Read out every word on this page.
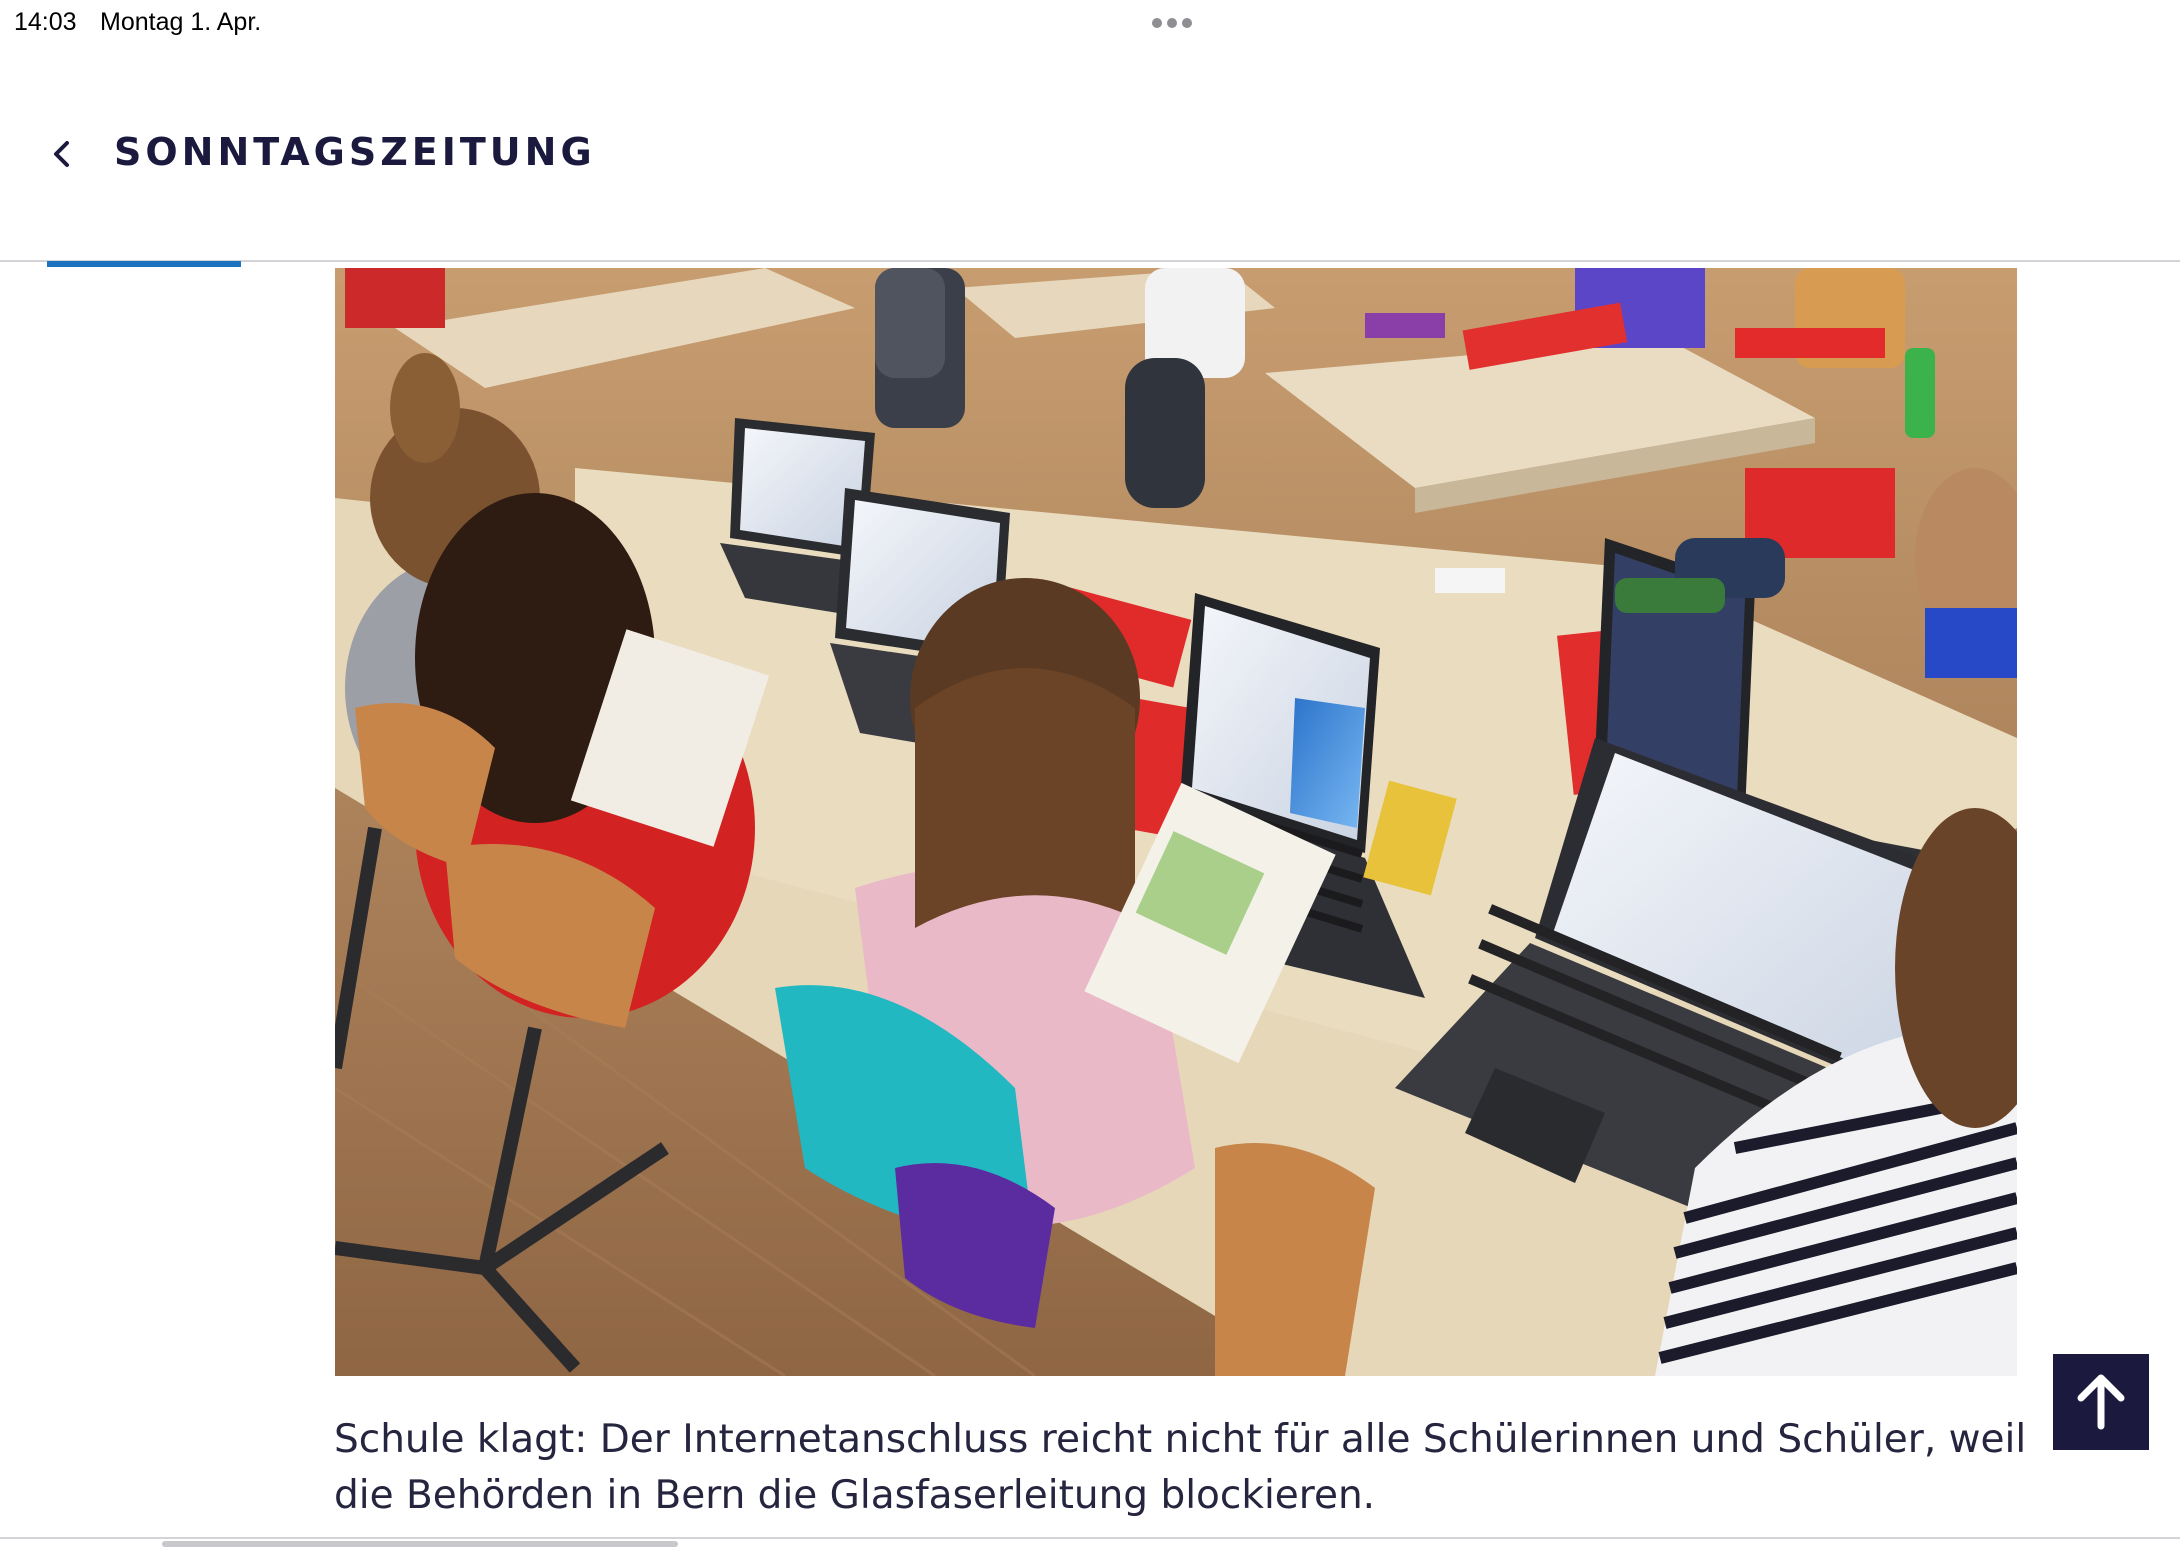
14:03 Montag 1. Apr.
SONNTAGSZEITUNG
Schule klagt: Der Internetanschluss reicht nicht für alle Schülerinnen und Schüler, weil die Behörden in Bern die Glasfaserleitung blockieren.
